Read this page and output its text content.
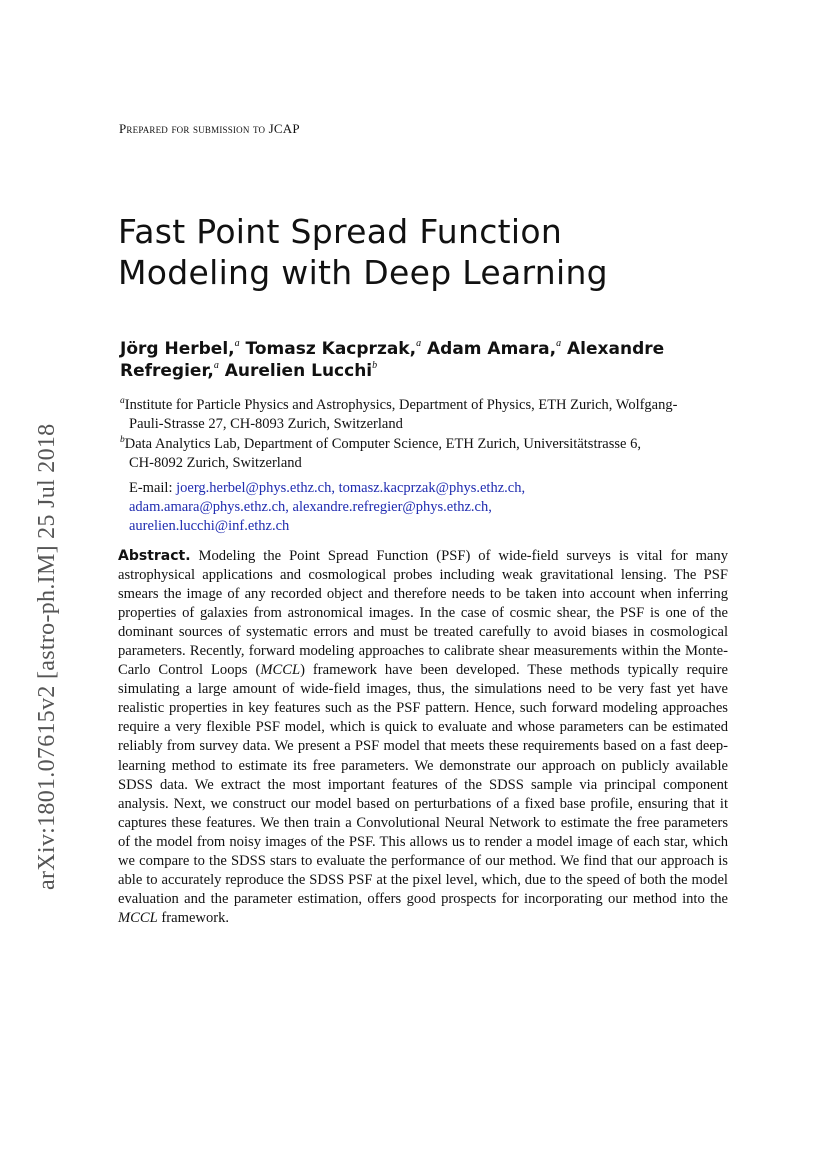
Prepared for submission to JCAP
Fast Point Spread Function
Modeling with Deep Learning
Jörg Herbel,$^a$ Tomasz Kacprzak,$^a$ Adam Amara,$^a$ Alexandre
Refregier,$^a$ Aurelien Lucchi$^b$
$^a$Institute for Particle Physics and Astrophysics, Department of Physics, ETH Zurich, Wolfgang-
Pauli-Strasse 27, CH-8093 Zurich, Switzerland
$^b$Data Analytics Lab, Department of Computer Science, ETH Zurich, Universitätstrasse 6,
CH-8092 Zurich, Switzerland
E-mail: joerg.herbel@phys.ethz.ch, tomasz.kacprzak@phys.ethz.ch,
adam.amara@phys.ethz.ch, alexandre.refregier@phys.ethz.ch,
aurelien.lucchi@inf.ethz.ch

Abstract. Modeling the Point Spread Function (PSF) of wide-field surveys is vital for many astrophysical applications and cosmological probes including weak gravitational lensing. The PSF smears the image of any recorded object and therefore needs to be taken into account when inferring properties of galaxies from astronomical images. In the case of cosmic shear, the PSF is one of the dominant sources of systematic errors and must be treated carefully to avoid biases in cosmological parameters. Recently, forward modeling approaches to calibrate shear measurements within the Monte-Carlo Control Loops (MCCL) framework have been developed. These methods typically require simulating a large amount of wide-field images, thus, the simulations need to be very fast yet have realistic properties in key features such as the PSF pattern. Hence, such forward modeling approaches require a very flexible PSF model, which is quick to evaluate and whose parameters can be estimated reliably from survey data. We present a PSF model that meets these requirements based on a fast deep-learning method to estimate its free parameters. We demonstrate our approach on publicly available SDSS data. We extract the most important features of the SDSS sample via principal component analysis. Next, we construct our model based on perturbations of a fixed base profile, ensuring that it captures these features. We then train a Convolutional Neural Network to estimate the free parameters of the model from noisy images of the PSF. This allows us to render a model image of each star, which we compare to the SDSS stars to evaluate the performance of our method. We find that our approach is able to accurately reproduce the SDSS PSF at the pixel level, which, due to the speed of both the model evaluation and the parameter estimation, offers good prospects for incorporating our method into the MCCL framework.

arXiv:1801.07615v2 [astro-ph.IM] 25 Jul 2018
